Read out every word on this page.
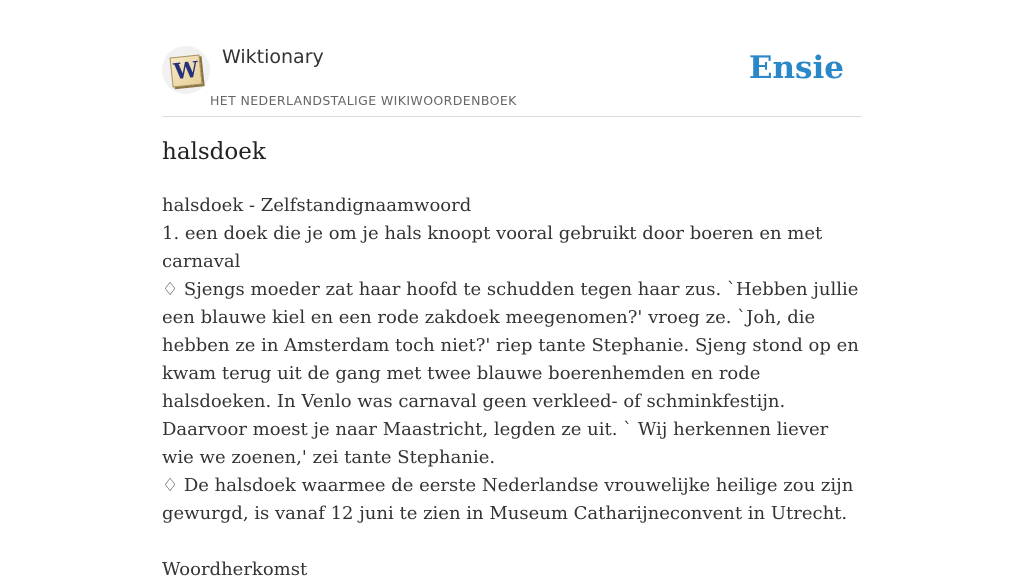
W Wiktionary
HET NEDERLANDSTALIGE WIKIWOORDENBOEK
Ensie
halsdoek

halsdoek - Zelfstandignaamwoord

1. een doek die je om je hals knoopt vooral gebruikt door boeren en met carnaval

♢ Sjengs moeder zat haar hoofd te schudden tegen haar zus. `Hebben jullie een blauwe kiel en een rode zakdoek meegenomen?' vroeg ze. `Joh, die hebben ze in Amsterdam toch niet?' riep tante Stephanie. Sjeng stond op en kwam terug uit de gang met twee blauwe boerenhemden en rode halsdoeken. In Venlo was carnaval geen verkleed- of schminkfestijn. Daarvoor moest je naar Maastricht, legden ze uit. ` Wij herkennen liever wie we zoenen,' zei tante Stephanie.

♢ De halsdoek waarmee de eerste Nederlandse vrouwelijke heilige zou zijn gewurgd, is vanaf 12 juni te zien in Museum Catharijneconvent in Utrecht.

Woordherkomst
